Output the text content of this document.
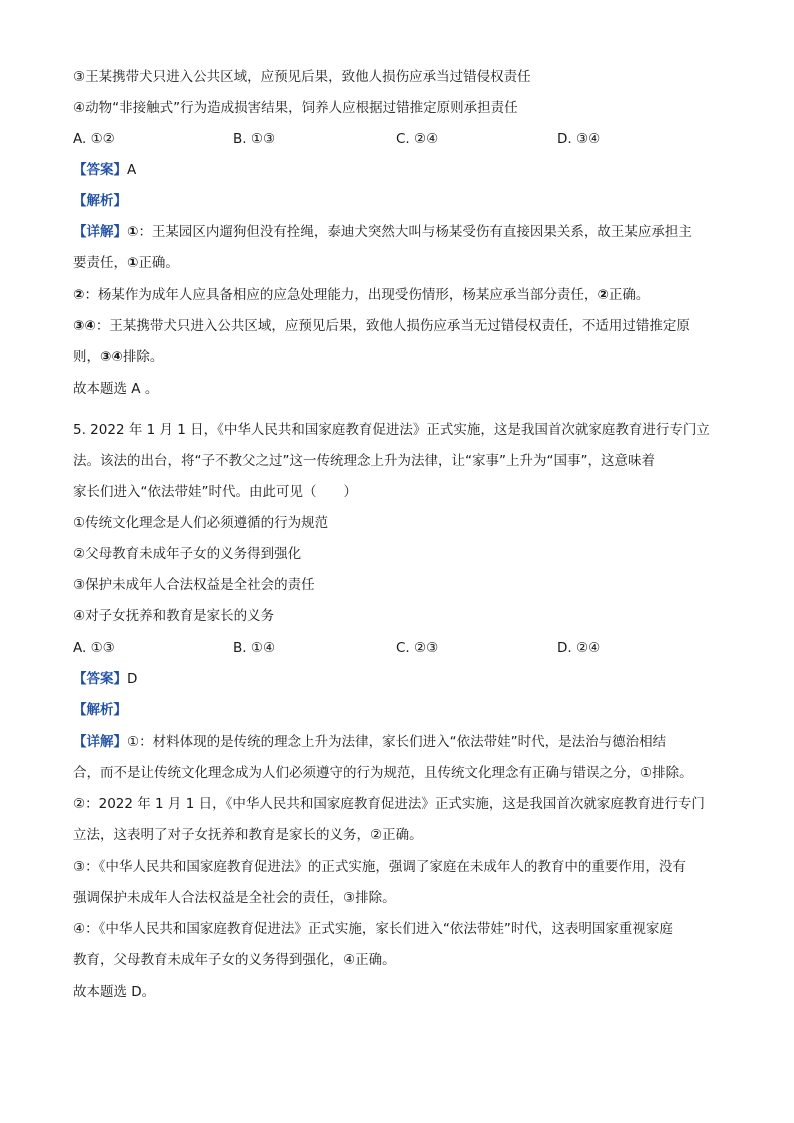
③王某携带犬只进入公共区域，应预见后果，致他人损伤应承当过错侵权责任
④动物“非接触式”行为造成损害结果，饲养人应根据过错推定原则承担责任
A. ①②	B. ①③	C. ②④	D. ③④
【答案】A
【解析】
【详解】①：王某园区内遛狗但没有拴绳，泰迪犬突然大叫与杨某受伤有直接因果关系，故王某应承担主
要责任，①正确。
②：杨某作为成年人应具备相应的应急处理能力，出现受伤情形，杨某应承当部分责任，②正确。
③④：王某携带犬只进入公共区域，应预见后果，致他人损伤应承当无过错侵权责任，不适用过错推定原
则，③④排除。
故本题选 A 。
5. 2022 年 1 月 1 日，《中华人民共和国家庭教育促进法》正式实施，这是我国首次就家庭教育进行专门立
法。该法的出台，将“子不教父之过”这一传统理念上升为法律，让“家事”上升为“国事”，这意味着
家长们进入“依法带娃”时代。由此可见（　　）
①传统文化理念是人们必须遵循的行为规范
②父母教育未成年子女的义务得到强化
③保护未成年人合法权益是全社会的责任
④对子女抚养和教育是家长的义务
A. ①③	B. ①④	C. ②③	D. ②④
【答案】D
【解析】
【详解】①：材料体现的是传统的理念上升为法律，家长们进入“依法带娃”时代，是法治与德治相结
合，而不是让传统文化理念成为人们必须遵守的行为规范，且传统文化理念有正确与错误之分，①排除。
②：2022 年 1 月 1 日，《中华人民共和国家庭教育促进法》正式实施，这是我国首次就家庭教育进行专门
立法，这表明了对子女抚养和教育是家长的义务，②正确。
③：《中华人民共和国家庭教育促进法》的正式实施，强调了家庭在未成年人的教育中的重要作用，没有
强调保护未成年人合法权益是全社会的责任，③排除。
④：《中华人民共和国家庭教育促进法》正式实施，家长们进入“依法带娃”时代，这表明国家重视家庭
教育，父母教育未成年子女的义务得到强化，④正确。
故本题选 D。
